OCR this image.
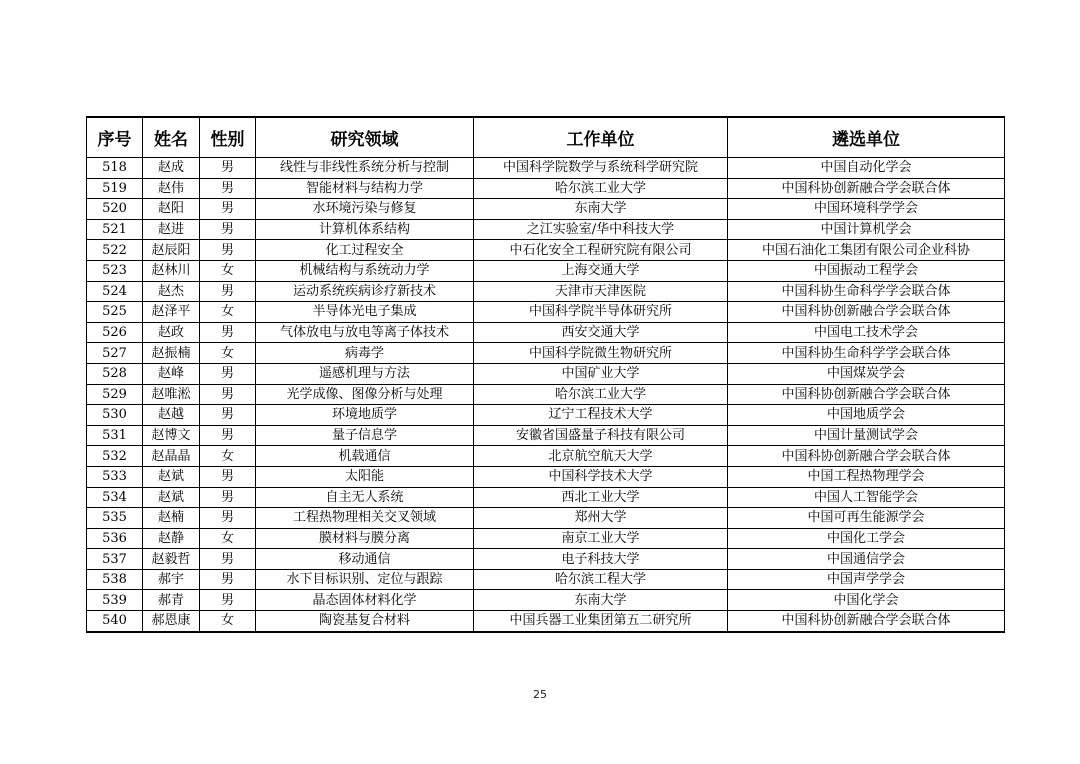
序号	姓名	性别	研究领域	工作单位	遴选单位
518	赵成	男	线性与非线性系统分析与控制	中国科学院数学与系统科学研究院	中国自动化学会
519	赵伟	男	智能材料与结构力学	哈尔滨工业大学	中国科协创新融合学会联合体
520	赵阳	男	水环境污染与修复	东南大学	中国环境科学学会
521	赵进	男	计算机体系结构	之江实验室/华中科技大学	中国计算机学会
522	赵辰阳	男	化工过程安全	中石化安全工程研究院有限公司	中国石油化工集团有限公司企业科协
523	赵林川	女	机械结构与系统动力学	上海交通大学	中国振动工程学会
524	赵杰	男	运动系统疾病诊疗新技术	天津市天津医院	中国科协生命科学学会联合体
525	赵泽平	女	半导体光电子集成	中国科学院半导体研究所	中国科协创新融合学会联合体
526	赵政	男	气体放电与放电等离子体技术	西安交通大学	中国电工技术学会
527	赵振楠	女	病毒学	中国科学院微生物研究所	中国科协生命科学学会联合体
528	赵峰	男	遥感机理与方法	中国矿业大学	中国煤炭学会
529	赵唯淞	男	光学成像、图像分析与处理	哈尔滨工业大学	中国科协创新融合学会联合体
530	赵越	男	环境地质学	辽宁工程技术大学	中国地质学会
531	赵博文	男	量子信息学	安徽省国盛量子科技有限公司	中国计量测试学会
532	赵晶晶	女	机载通信	北京航空航天大学	中国科协创新融合学会联合体
533	赵斌	男	太阳能	中国科学技术大学	中国工程热物理学会
534	赵斌	男	自主无人系统	西北工业大学	中国人工智能学会
535	赵楠	男	工程热物理相关交叉领域	郑州大学	中国可再生能源学会
536	赵静	女	膜材料与膜分离	南京工业大学	中国化工学会
537	赵毅哲	男	移动通信	电子科技大学	中国通信学会
538	郝宇	男	水下目标识别、定位与跟踪	哈尔滨工程大学	中国声学学会
539	郝青	男	晶态固体材料化学	东南大学	中国化学会
540	郝恩康	女	陶瓷基复合材料	中国兵器工业集团第五二研究所	中国科协创新融合学会联合体
25
